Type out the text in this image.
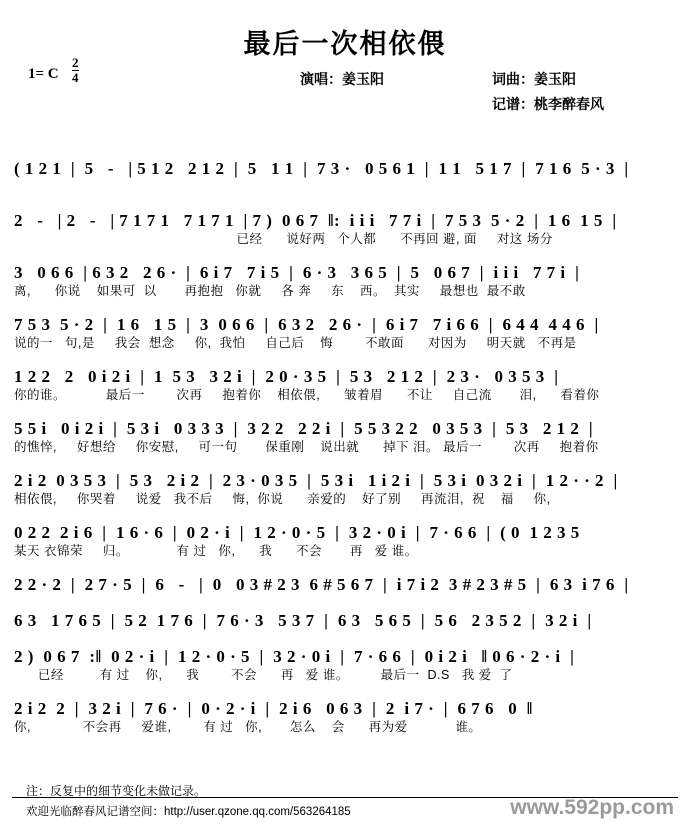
最后一次相依偎
演唱：姜玉阳	词曲：姜玉阳
记谱：桃李醉春风
1= C $\frac{2}{4}$
( 1 2 1  |  5   -   | 5 1 2   2 1 2  |  5   1 1  |  7 3 ·   0 5 6 1  |  1 1   5 1 7  |  7 1 6  5 · 3  |
2   -   | 2   -   | 7 1 7 1   7 1 7 1  | 7 )  0 6 7  ‖:  i i i   7 7 i  |  7 5 3  5 · 2  |  1 6  1 5  |
已经      说好两   个人都      不再回 避, 面     对这 场分
3   0 6 6  | 6 3 2   2 6 ·  |  6 i 7   7 i 5  |  6 · 3   3 6 5  |  5   0 6 7  |  i i i   7 7 i  |
离,      你说    如果可  以       再抱抱   你就     各 奔     东    西。  其实     最想也  最不敢
7 5 3  5 · 2  |  1 6   1 5  |  3  0 6 6  |  6 3 2   2 6 ·  |  6 i 7   7 i 6 6  |  6 4 4  4 4 6  |
说的一   句,是     我会  想念     你,  我怕     自己后    悔        不敢面      对因为     明天就   不再是
1 2 2   2   0 i 2 i  |  1  5 3   3 2 i  |  2 0 · 3 5  |  5 3   2 1 2  |  2 3 ·   0 3 5 3  |
你的谁。          最后一        次再     抱着你    相依偎,      皱着眉      不让     自己流       泪,      看着你
5 5 i   0 i 2 i  |  5 3 i   0 3 3 3  |  3 2 2   2 2 i  |  5 5 3 2 2   0 3 5 3  |  5 3   2 1 2  |
的憔悴,     好想给     你安慰,     可一句       保重刚    说出就      掉下 泪。 最后一        次再     抱着你
2 i 2  0 3 5 3  |  5 3   2 i 2  |  2 3 · 0 3 5  |  5 3 i   1 i 2 i  |  5 3 i  0 3 2 i  |  1 2 · · 2  |
相依偎,     你哭着     说爱   我不后     悔,  你说      亲爱的    好了别     再流泪,  祝    福     你,
0 2 2  2 i 6  |  1 6 · 6  |  0 2 · i  |  1 2 · 0 · 5  |  3 2 · 0 i  |  7 · 6 6  |  ( 0  1 2 3 5
某天 衣锦荣     归。            有 过   你,      我      不会       再   爱 谁。
2 2 · 2  |  2 7 · 5  |  6   -   |  0   0 3 # 2 3  6 # 5 6 7  |  i 7 i 2  3 # 2 3 # 5  |  6 3  i 7 6  |
6 3   1 7 6 5  |  5 2  1 7 6  |  7 6 · 3   5 3 7  |  6 3   5 6 5  |  5 6   2 3 5 2  |  3 2 i  |
2 )  0 6 7  :‖  0 2 · i  |  1 2 · 0 · 5  |  3 2 · 0 i  |  7 · 6 6  |  0 i 2 i   ‖ 0 6 · 2 · i  |
已经         有 过    你,      我        不会      再   爱 谁。        最后一  D.S   我 爱  了
2 i 2  2  |  3 2 i  |  7 6 ·  |  0 · 2 · i  |  2 i 6   0 6 3  |  2  i 7 ·  |  6 7 6   0  ‖
你,             不会再     爱谁,        有 过   你,       怎么    会      再为爱            谁。
注：反复中的细节变化未做记录。
欢迎光临醉春风记谱空间：http://user.qzone.qq.com/563264185	www.592pp.com
